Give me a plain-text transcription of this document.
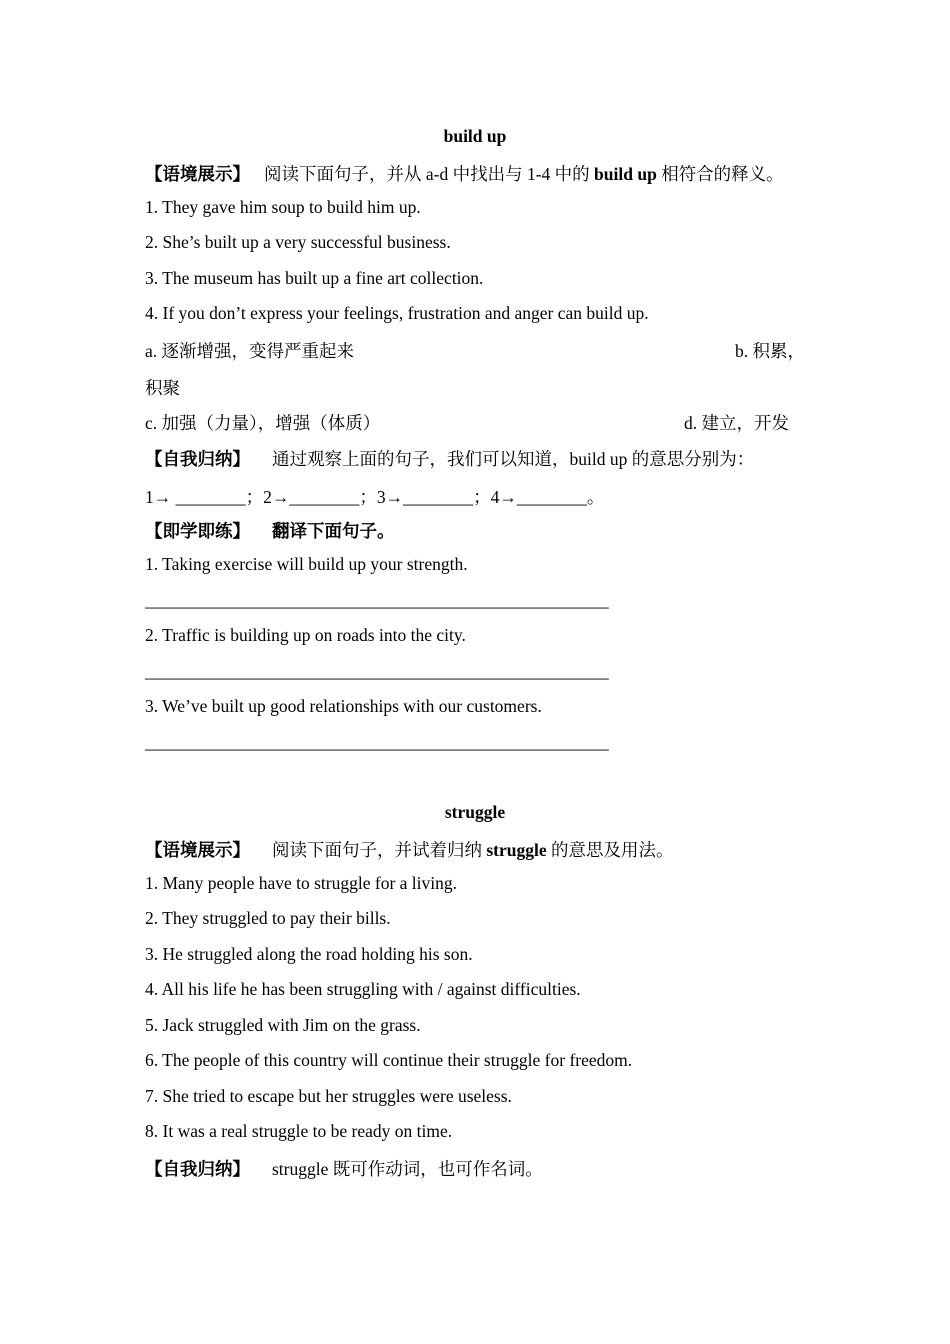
build up
【语境展示】 阅读下面句子，并从 a-d 中找出与 1-4 中的 build up 相符合的释义。
1. They gave him soup to build him up.
2. She’s built up a very successful business.
3. The museum has built up a fine art collection.
4. If you don’t express your feelings, frustration and anger can build up.
a. 逐渐增强，变得严重起来	b. 积累，
积聚
c. 加强（力量），增强（体质）	d. 建立，开发
【自我归纳】 通过观察上面的句子，我们可以知道，build up 的意思分别为：
1→ ________；2→________；3→________；4→________。
【即学即练】 翻译下面句子。
1. Taking exercise will build up your strength.
_____________________________________________________
2. Traffic is building up on roads into the city.
_____________________________________________________
3. We’ve built up good relationships with our customers.
_____________________________________________________
struggle
【语境展示】 阅读下面句子，并试着归纳 struggle 的意思及用法。
1. Many people have to struggle for a living.
2. They struggled to pay their bills.
3. He struggled along the road holding his son.
4. All his life he has been struggling with / against difficulties.
5. Jack struggled with Jim on the grass.
6. The people of this country will continue their struggle for freedom.
7. She tried to escape but her struggles were useless.
8. It was a real struggle to be ready on time.
【自我归纳】 struggle 既可作动词，也可作名词。
